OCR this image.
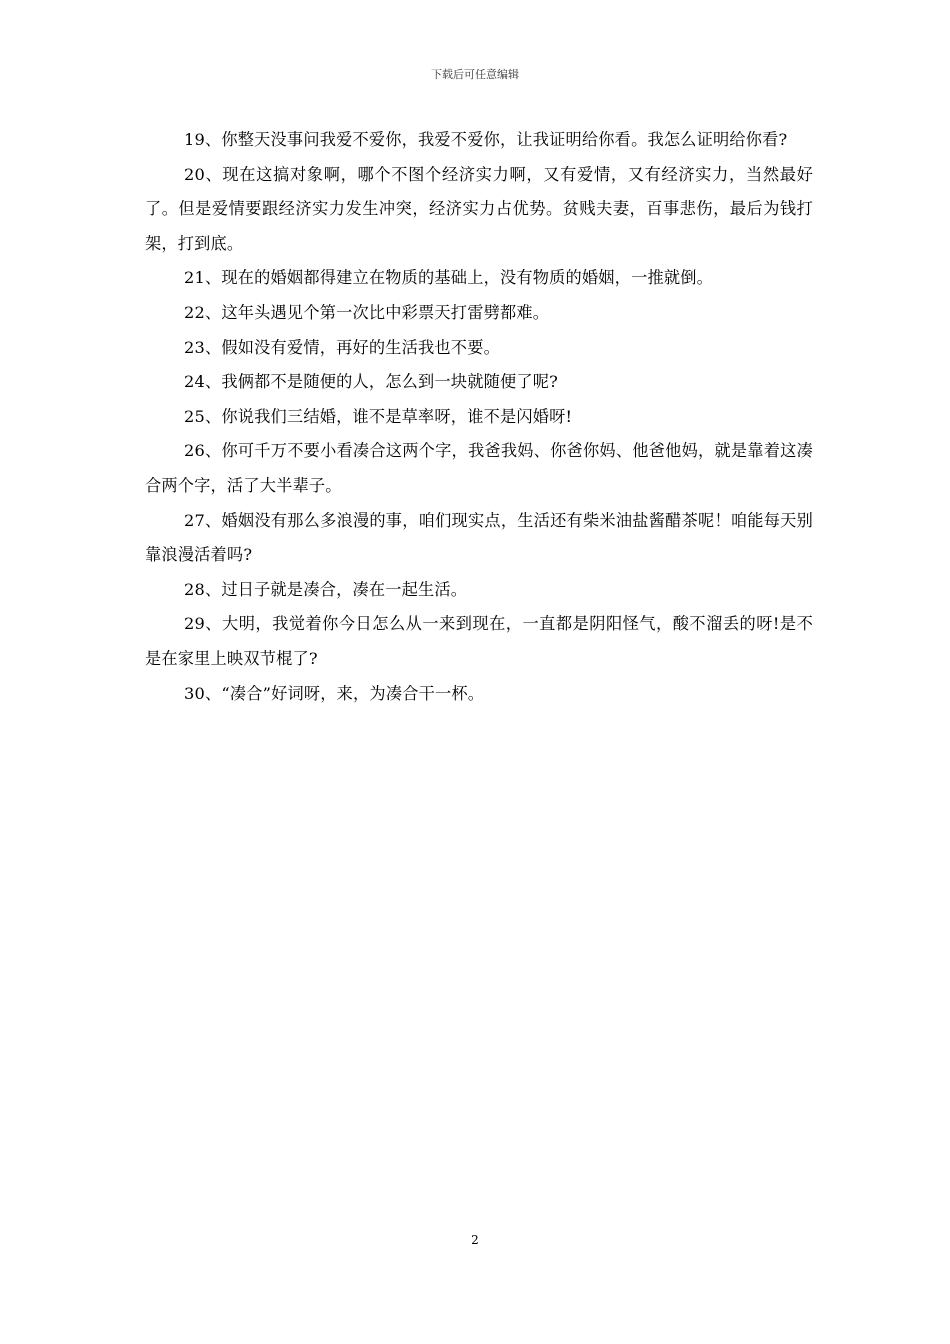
下载后可任意编辑

19、你整天没事问我爱不爱你，我爱不爱你，让我证明给你看。我怎么证明给你看?

20、现在这搞对象啊，哪个不图个经济实力啊，又有爱情，又有经济实力，当然最好了。但是爱情要跟经济实力发生冲突，经济实力占优势。贫贱夫妻，百事悲伤，最后为钱打架，打到底。

21、现在的婚姻都得建立在物质的基础上，没有物质的婚姻，一推就倒。

22、这年头遇见个第一次比中彩票天打雷劈都难。

23、假如没有爱情，再好的生活我也不要。

24、我俩都不是随便的人，怎么到一块就随便了呢?

25、你说我们三结婚，谁不是草率呀，谁不是闪婚呀!

26、你可千万不要小看凑合这两个字，我爸我妈、你爸你妈、他爸他妈，就是靠着这凑合两个字，活了大半辈子。

27、婚姻没有那么多浪漫的事，咱们现实点，生活还有柴米油盐酱醋茶呢！咱能每天别靠浪漫活着吗?

28、过日子就是凑合，凑在一起生活。

29、大明，我觉着你今日怎么从一来到现在，一直都是阴阳怪气，酸不溜丢的呀!是不是在家里上映双节棍了?

30、“凑合”好词呀，来，为凑合干一杯。

2
